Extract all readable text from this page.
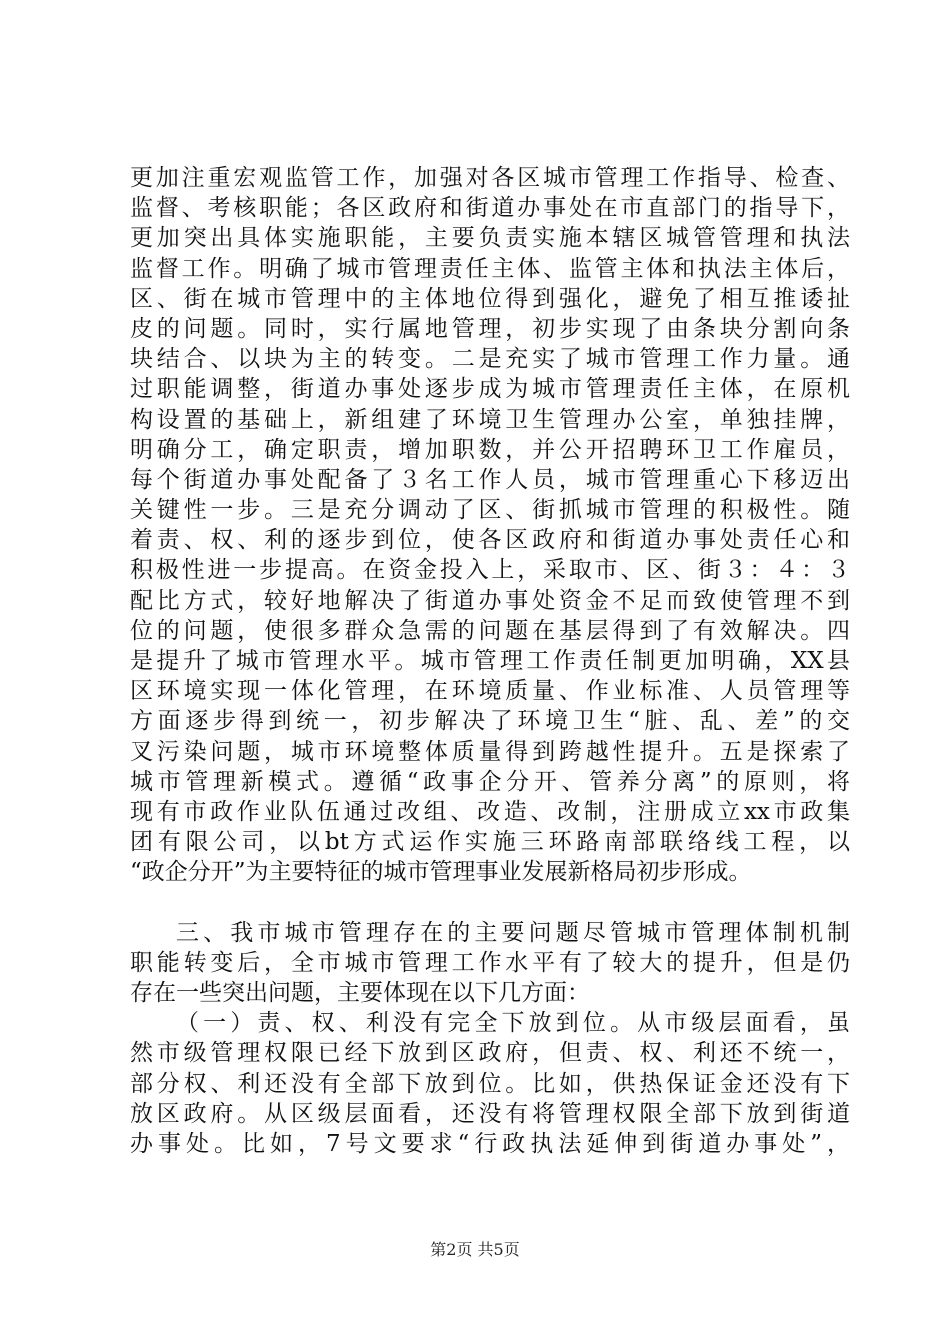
更加注重宏观监管工作，加强对各区城市管理工作指导、检查、
监督、考核职能；各区政府和街道办事处在市直部门的指导下，
更加突出具体实施职能，主要负责实施本辖区城管管理和执法
监督工作。明确了城市管理责任主体、监管主体和执法主体后，
区、街在城市管理中的主体地位得到强化，避免了相互推诿扯
皮的问题。同时，实行属地管理，初步实现了由条块分割向条
块结合、以块为主的转变。二是充实了城市管理工作力量。通
过职能调整，街道办事处逐步成为城市管理责任主体，在原机
构设置的基础上，新组建了环境卫生管理办公室，单独挂牌，
明确分工，确定职责，增加职数，并公开招聘环卫工作雇员，
每个街道办事处配备了３名工作人员，城市管理重心下移迈出
关键性一步。三是充分调动了区、街抓城市管理的积极性。随
着责、权、利的逐步到位，使各区政府和街道办事处责任心和
积极性进一步提高。在资金投入上，采取市、区、街３：４：３
配比方式，较好地解决了街道办事处资金不足而致使管理不到
位的问题，使很多群众急需的问题在基层得到了有效解决。四
是提升了城市管理水平。城市管理工作责任制更加明确，XX县
区环境实现一体化管理，在环境质量、作业标准、人员管理等
方面逐步得到统一，初步解决了环境卫生“脏、乱、差”的交
叉污染问题，城市环境整体质量得到跨越性提升。五是探索了
城市管理新模式。遵循“政事企分开、管养分离”的原则，将
现有市政作业队伍通过改组、改造、改制，注册成立xx市政集
团有限公司，以bt方式运作实施三环路南部联络线工程，以
“政企分开”为主要特征的城市管理事业发展新格局初步形成。
三、我市城市管理存在的主要问题尽管城市管理体制机制
职能转变后，全市城市管理工作水平有了较大的提升，但是仍
存在一些突出问题，主要体现在以下几方面：
（一）责、权、利没有完全下放到位。从市级层面看，虽
然市级管理权限已经下放到区政府，但责、权、利还不统一，
部分权、利还没有全部下放到位。比如，供热保证金还没有下
放区政府。从区级层面看，还没有将管理权限全部下放到街道
办事处。比如，7号文要求“行政执法延伸到街道办事处”，
第2页 共5页
